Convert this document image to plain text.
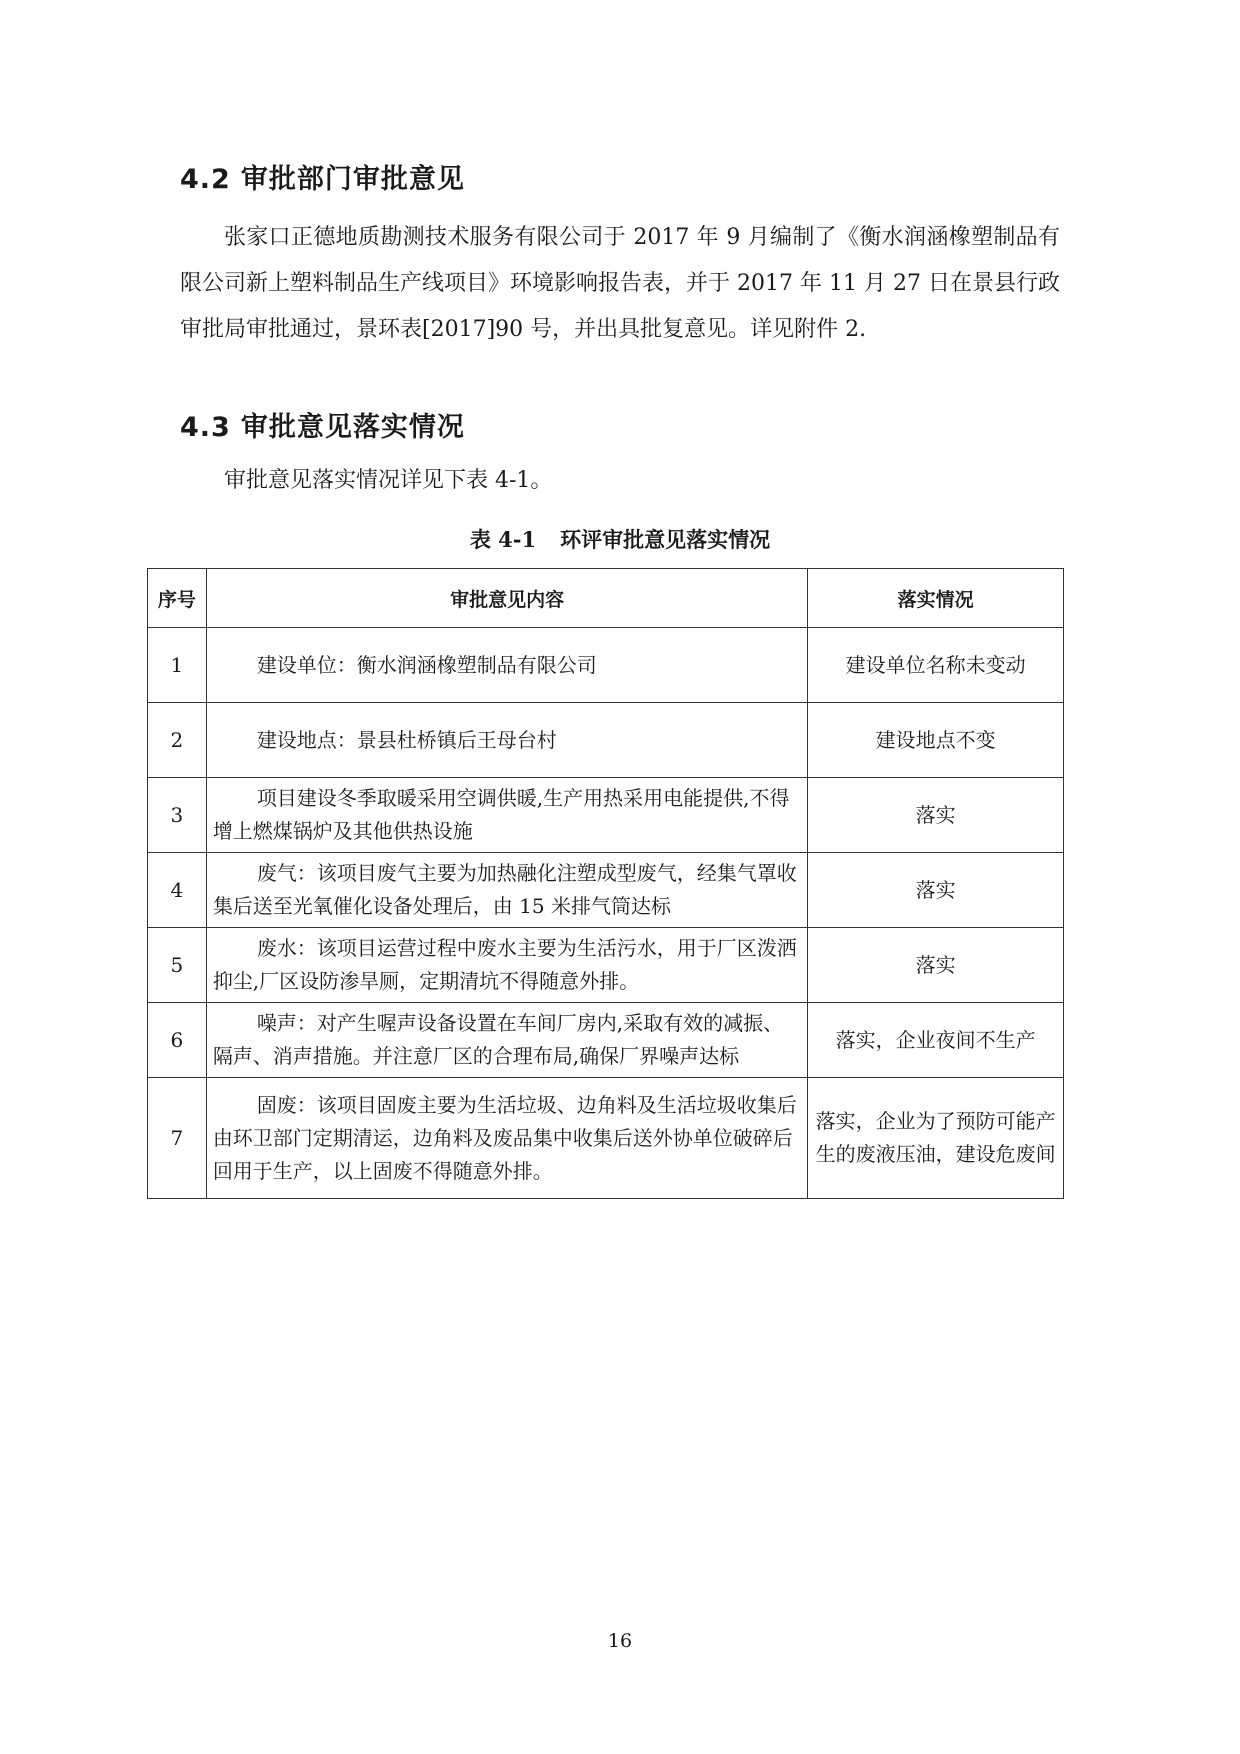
4.2 审批部门审批意见

张家口正德地质勘测技术服务有限公司于 2017 年 9 月编制了《衡水润涵橡塑制品有限公司新上塑料制品生产线项目》环境影响报告表，并于 2017 年 11 月 27 日在景县行政审批局审批通过，景环表[2017]90 号，并出具批复意见。详见附件 2.

4.3 审批意见落实情况

审批意见落实情况详见下表 4-1。

表 4-1 环评审批意见落实情况

序号	审批意见内容	落实情况
1	建设单位：衡水润涵橡塑制品有限公司	建设单位名称未变动
2	建设地点：景县杜桥镇后王母台村	建设地点不变
3	项目建设冬季取暖采用空调供暖,生产用热采用电能提供,不得增上燃煤锅炉及其他供热设施	落实
4	废气：该项目废气主要为加热融化注塑成型废气，经集气罩收集后送至光氧催化设备处理后，由 15 米排气筒达标	落实
5	废水：该项目运营过程中废水主要为生活污水，用于厂区泼洒抑尘,厂区设防渗旱厕，定期清坑不得随意外排。	落实
6	噪声：对产生喔声设备设置在车间厂房内,采取有效的减振、隔声、消声措施。并注意厂区的合理布局,确保厂界噪声达标	落实，企业夜间不生产
7	固废：该项目固废主要为生活垃圾、边角料及生活垃圾收集后由环卫部门定期清运，边角料及废品集中收集后送外协单位破碎后回用于生产，以上固废不得随意外排。	落实，企业为了预防可能产生的废液压油，建设危废间

16
